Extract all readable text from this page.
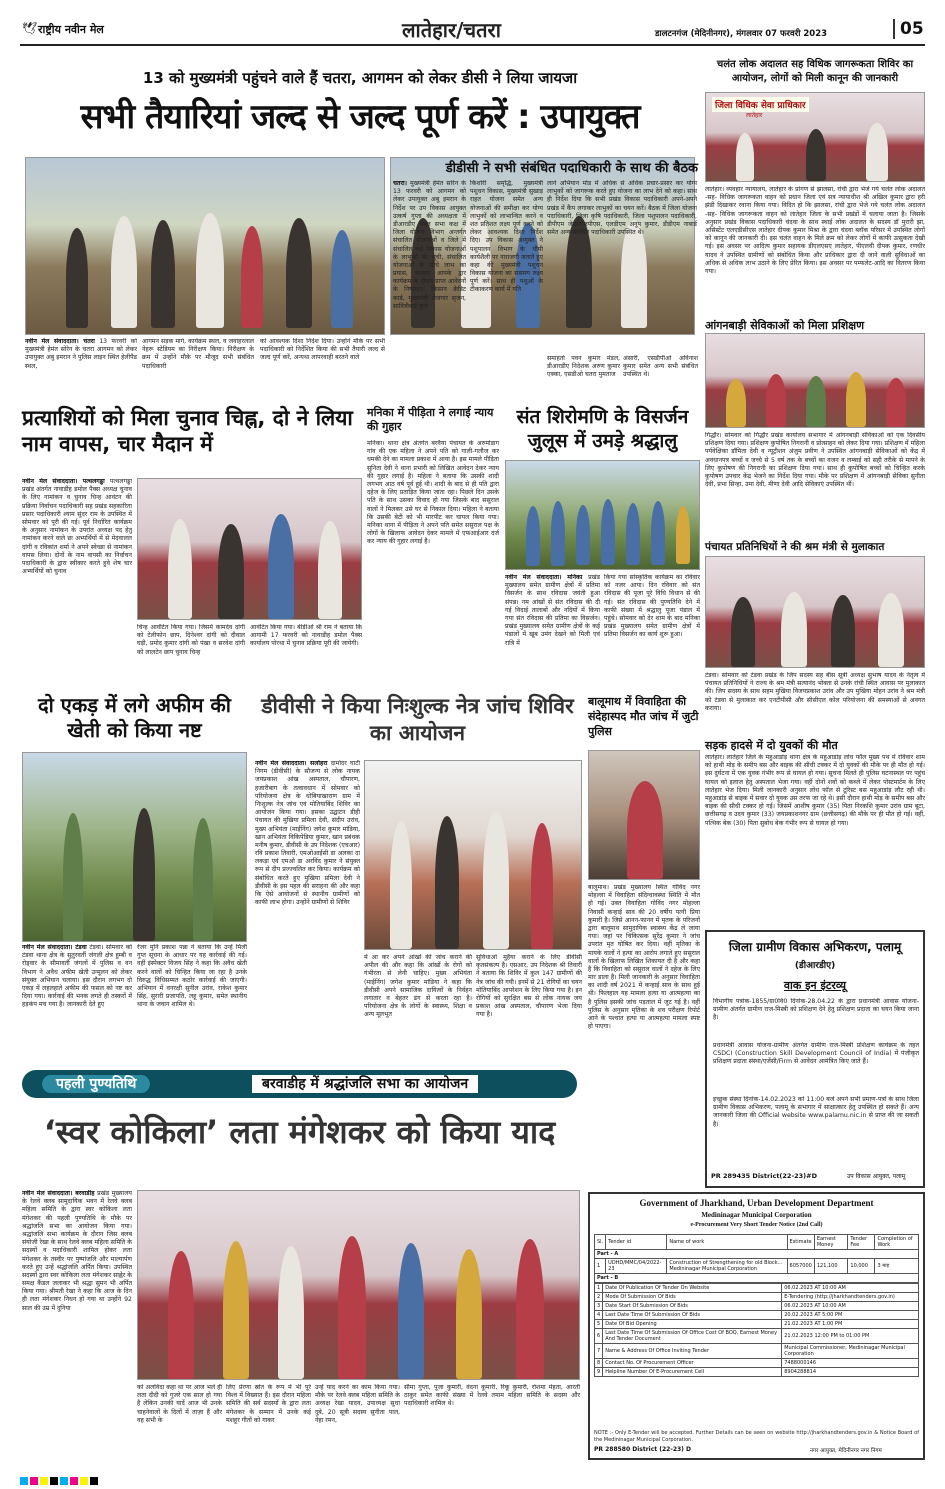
🕊 राष्ट्रीय नवीन मेल	लातेहार/चतरा	डालटनगंज (मेदिनीनगर), मंगलवार 07 फरवरी 2023	05
13 को मुख्यमंत्री पहुंचने वाले हैं चतरा, आगमन को लेकर डीसी ने लिया जायजा
सभी तैयारियां जल्द से जल्द पूर्ण करें : उपायुक्त
नवीन मेल संवाददाता। चतरा 13 फरवरी को मुख्यमंत्री हेमंत सोरेन के चतरा आगमन को लेकर उपायुक्त अबु इमरान ने पुलिस लाइन स्थित हेलीपैड स्थल,
आगमन सड़क मार्ग, कार्यक्रम स्थल, व जवाहरलाल नेहरू स्टेडियम का निरीक्षण किया। निरीक्षण के क्रम में उन्होंने मौके पर मौजूद सभी संबंधित पदाधिकारी
को आवश्यक दिशा निर्देश दिया। उन्होंने मौके पर सभी पदाधिकारी को निर्देशित किया की सभी तैयारी जल्द से जल्द पूर्ण करें, अन्यथा लापरवाही बरतने वाले
डीडीसी ने सभी संबंधित पदाधिकारी के साथ की बैठक
चतरा। मुख्यमंत्री हेमंत सोरेन के 13 फरवरी को आगमन को लेकर उपायुक्त अबु इमरान के निर्देश पर उप विकास आयुक्त उत्कर्ष गुप्ता की अध्यक्षता में डीआरडीए स्थित सभा कक्ष में जिला योजना विभाग अन्तर्गत संचालित योजनाओं व जिले में संचालित कई विकास योजनाओं के लाभुकों की सूची, संचालित योजनाओं के सीधे लाभ का प्रयास, सरकार आपके द्वार कार्यक्रम के दौरान प्राप्त आवेदनों के निष्पादन, किसान क्रेडिट कार्ड, मुख्यमंत्री रोजगार सृजन, सावित्रीबाई फुले
किशोरी समृद्धि, मुख्यमंत्री पशुधन विकास, मुख्यमंत्री सुखाड़ राहत योजना समेत अन्य योजनाओं की समीक्षा कर योग्य लाभुकों को लाभान्वित करने व शत प्रतिशत लक्ष्य पूर्ण करने को लेकर आवश्यक दिशा निर्देश दिए। उप विकास आयुक्त ने पशुपालन विभाग के धीमी कार्यशैली पर नाराजगी जताते हुए कहा की मुख्यमंत्री पशुधन विकास योजना का ससमय लक्ष्य पूर्ण करें। साथ ही पशुओं के टीकाकरण कार्य में गति
लाने अभियान मोड में अधिक से अधिक प्रचार-प्रसार कर योग्य लाभुकों को जागरूक करते हुए योजना का लाभ देने को कहा। साथ ही निर्देश दिया कि सभी प्रखंड विकास पदाधिकारी अपने-अपने प्रखंड में कैंप लगाकर लाभुकों का चयन करें। बैठक में जिला योजना पदाधिकारी, जिला कृषि पदाधिकारी, जिला पशुपालन पदाधिकारी, डीपीएम जेएसएलपीएस, एलडीएम अनूप कुमार, डीडीएम नाबार्ड समेत अन्य संबंधित पदाधिकारी उपस्थित थे।
अंसारी, एसडीपीओ अविनाश कुमार समेत अन्य सभी संबंधित उपस्थित थे।
समाहर्ता पवन कुमार मंडल, डीआरडीए निदेशक अरुण कुमार एक्का, एसडीओ चतरा मुमताज
प्रत्याशियों को मिला चुनाव चिह्न, दो ने लिया नाम वापस, चार मैदान में
नवीन मेल संवाददाता। पत्थलगड्डा पत्थलगड्डा प्रखंड अंतर्गत नावाडीह डमोल पैक्स अध्यक्ष चुनाव के लिए नामांकन व चुनाव चिन्ह आवंटन की प्रक्रिया निर्वाचन पदाधिकारी सह प्रखंड सहकारिता प्रसार पदाधिकारी श्याम सुंदर राम के उपस्थित में सोमवार को पूरी की गई। पूर्व निर्धारित कार्यक्रम के अनुसार नामांकन के उपरांत अध्यक्ष पद हेतु नामांकन करने वाले छः अभ्यर्थियों में से मेदवालल दांगी व रविकांत शर्मा ने अपने स्वेच्छा से नामांकन वापस लिया। दोनों के नाम वापसी का निर्वाचन पदाधिकारी के द्वारा स्वीकार करते हुवे शेष चार अभ्यर्थियों को चुनाव
चिन्ह आवंटित किया गया। जिसमें कामदेव दांगी को टेलीफोन छाप, दिनेश्वर दांगी को दीवाल घड़ी, प्रमोद कुमार दांगी को पंखा व सरवेश दांगी को लालटेन छाप चुनाव चिन्ह
आवंटित किया गया। बीडीओ श्री राम ने बताया कि आगामी 17 फरवरी को नावाडीह डमोल पैक्स कार्यालय पोरथा में चुनाव प्रक्रिया पूरी की जायेगी।
मनिका में पीड़िता ने लगाई न्याय की गुहार
मनिका। थाना क्षेत्र अंतर्गत बरवैया पंचायत के अरुमोडाग गांव की एक महिला ने अपने पति को गाली-गलौज कर धमकी देने का मामला प्रकाश में आया है। इस मामले पीड़िता सुनिता देवी ने थाना प्रभारी को लिखित आवेदन देकर न्याय की गुहार लगाई है। महिला ने बताया कि उसकी शादी लगभग आठ वर्ष पूर्व हुई थी। शादी के बाद से ही पति द्वारा दहेज के लिए प्रताड़ित किया जाता रहा। पिछले दिन उसके पति के साथ उसका विवाद हो गया जिसके बाद ससुराल वालों ने मिलकर उसे घर से निकाल दिया। महिला ने बताया कि उसकी बेटी को भी मारपीट कर घायल किया गया। मनिका थाना में पीड़िता ने अपने पति समेत ससुराल पक्ष के लोगों के खिलाफ आवेदन देकर मामले में एफआईआर दर्ज कर न्याय की गुहार लगाई है।
संत शिरोमणि के विसर्जन जुलूस में उमड़े श्रद्धालु
नवीन मेल संवाददाता। मनिका प्रखंड मुख्यालय समेत ग्रामीण क्षेत्रों में प्रतिमा विसर्जन के साथ रविदास जयंती हुआ संपन्न। नम आंखों से संत रविदास की दी गई विदाई तालाबों और नदियों में किया गया संत रविदास की प्रतिमा का विसर्जन। प्रखंड मुख्यालय समेत ग्रामीण क्षेत्रों के कई पंडालों में खूब उमंग देखने को मिली एवं रात्रि में
किया गया सांस्कृतिक कार्यक्रम का रविवार को नजर आया। दिन रविवार को संत रविदास की पूजा पूरे विधि विधान से की गई। संत रविदास की पुण्यतिथि देने में काफी संख्या में श्रद्धालु पूजा पंडाल में पहुंचे। सोमवार को देर शाम के बाद मनिका प्रखंड मुख्यालय समेत ग्रामीण क्षेत्रों में प्रतिमा विसर्जन का कार्य शुरू हुआ।
दो एकड़ में लगे अफीम की खेती को किया नष्ट
नवीन मेल संवाददाता। टंडवा टंडवा। सोमवार को टंडवा थाना क्षेत्र के सुतुरवर्ती जंगली क्षेत्र हुम्बी व रोड्वार के सीमावर्ती जंगलों में पुलिस व वन विभाग ने अवैध अफीम खेती उन्मूलन को लेकर संयुक्त अभियान चलाया। इस दौरान लगभग दो एकड़ में लहलहाते अफीम की फसल को नष्ट कर दिया गया। कार्रवाई की भनक लगते ही तस्करों में हड़कंप मच गया है। जानकारी देते हुए
रेंजर मुनि प्रकाश पन्ना ने बताया कि उन्हें मिली गुप्त सूचना के आधार पर यह कार्रवाई की गई। वहीं इंस्पेक्टर विजय सिंह ने कहा कि अवैध खेती करने वालों को चिन्हित किया जा रहा है उनके विरुद्ध विधिसम्मत कठोर कार्रवाई की जाएगी। अभियान में वनरक्षी सुनील उरांव, राकेश कुमार सिंह, सुरारी प्रजापति, लहू कुमार, समेत स्थानीय थाना के जवान शामिल थे।
डीवीसी ने किया निःशुल्क नेत्र जांच शिविर का आयोजन
नवीन मेल संवाददाता। सलोहरा दामोदर घाटी निगम (डीवीसी) के सौजन्य से लोक नायक जयप्रकाश आंख अस्पताल, चौपारण, हजारीबाग के तत्वावधान में सोमवार को परियोजना क्षेत्र के धोबियाखाराण ग्राम में निःशुल्क नेत्र जांच एवं मोतियाबिंद शिविर का आयोजन किया गया। इसका उद्घाटन डीही पंचायत की मुखिया प्रमिला देवी, संदीप उरांव, मुख्य अभियंता (माईनिंग) जगेश कुमार मांडिया, खान अभियंता विकिपेडिया कुमार, खान प्रबंधक मनीष कुमार, डीवीसी के उप निदेशक (एचआर) रवि प्रकाश तिवारी, एमओआईसी डा अलका दा लकड़ा एवं एमओ डा अरविंद कुमार ने संयुक्त रूप से दीप प्रज्ज्वलित कर किया। कार्यक्रम को संबोधित करते हुए मुखिया प्रमिला देवी ने डीवीसी के इस पहल की सराहना की और कहा कि ऐसे आयोजनों से स्थानीय ग्रामीणों को काफी लाभ होगा। उन्होंने ग्रामीणों से शिविर
में आ कर अपने आंखों की जांच कराने की अपील की और कहा कि आंखों के रोगों को गंभीरता से लेनी चाहिए। मुख्य अभियंता (माईनिंग) जगेश कुमार मांडिया ने कहा कि डीवीसी अपने सामाजिक दायित्वों के निर्वहन लगातार व बेहतर ढंग से करता रहा है। परियोजना क्षेत्र के लोगों के स्वास्थ्य, शिक्षा व अन्य मूलभूत
सुविधाओं मुहैया कराने के लिए डीवीसी कृतसंकल्प है। एसआर, उप निदेशक श्री तिवारी ने बताया कि शिविर में कुल 147 ग्रामीणों की नेत्र जांच की गयी। इनमें से 21 रोगियों का चयन मोतियाबिंद आपरेशन के लिए किया गया है। इन रोगियों को सुरक्षित बस से लोक नायक जय प्रकाश आंख अस्पताल, चौपारण भेजा दिया गया है।
बालूमाथ में विवाहिता की संदेहास्पद मौत जांच में जुटी पुलिस
बालूमाथ। प्रखंड मुख्यालय स्थित गोविंद नगर मोहल्ला में विवाहिता संदिग्धावस्था स्थिति में मौत हो गई। उक्त विवाहिता गोविंद नगर मोहल्ला निवासी कन्हाई साव की 20 वर्षीय पत्नी प्रिया कुमारी है। जिसे आनन-फानन में मृतक के परिजनों द्वारा बालूमाथ सामुदायिक स्वास्थ्य केंद्र ले जाया गया। जहां पर चिकित्सक सुरेंद्र कुमार ने जांच उपरांत मृत घोषित कर दिया। वहीं मृतिका के मायके वालों ने हत्या का आरोप लगाते हुए ससुराल वालों के खिलाफ लिखित शिकायत दी है और कहा है कि विवाहिता को ससुराल वालों ने दहेज के लिए मार डाला है। मिली जानकारी के अनुसार विवाहिता का शादी वर्ष 2021 में कन्हाई साव के साथ हुई थी। फिलहाल यह मामला हत्या या आत्महत्या का है पुलिस इसकी जांच पड़ताल में जुट गई है। वहीं पुलिस के अनुसार मृतिका के शव परीक्षण रिपोर्ट आने के पश्चात हत्या या आत्महत्या मामला स्पष्ट हो पाएगा।
पहली पुण्यतिथि	बरवाडीह में श्रद्धांजलि सभा का आयोजन
‘स्वर कोकिला’ लता मंगेशकर को किया याद
नवीन मेल संवाददाता। बरवाडीह प्रखंड मुख्यालय के रेलवे क्लब सामुदायिक भवन में रेलवे क्लब महिला समिति के द्वारा स्वर कोकिला लता मंगेशकर की पहली पुण्यतिथि के मौके पर श्रद्धांजलि सभा का आयोजन किया गया। श्रद्धांजलि सभा कार्यक्रम के दौरान जिस क्लब संयोजी रेखा के साथ रेलवे क्लब महिला समिति के सदस्यों व पदाधिकारी शामिल होकर लता मंगेशकर के तस्वीर पर पुष्पांजलि और माल्यार्पण करते हुए उन्हें श्रद्धांजलि अर्पित किया। उपस्थित सदस्यों द्वारा स्वर कोकिला लता मंगेशकर साह्वेर के समक्ष कैंडल जलाकर भी श्रद्धा सुमन भी अर्पित किया गया। श्रीमती रेखा ने कहा कि आज के दिन ही लता मंगेशकर निधन हो गया था उन्होंने 92 साल की उम्र में दुनिया
को अलविदा कहा था पर आज भले ही लता दीदी को गुजरे एक साल हो गया है लेकिन उनकी यादें आज भी उनके चाहनेवालों के दिलों में ताज़ा हैं और वह सभी के
लिए प्रेरणा स्रोत के रूप में भी पूरे विश्व में विख्यात हैं। इस दौरान महिला समिति की सर्व सदस्यों के द्वारा लता मंगेशकर के सम्मान में उनके कई मशहूर गीतों को गाकर
उन्हें याद करने का काम किया गया। मौके पर रेलवे क्लब महिला समिति के अध्यक्ष रेखा यादव, उपाध्यक्ष सुधा दुबे, 20 सूत्री सदस्य सुनीता पाल, नेहा रमन,
सीमा गुप्ता, पूजा कुमारी, वंदना कुमारी, रिंकू कुमारी, रोशमा मेहता, आरती ठाकुर समेत काफी संख्या में रेलवे तमाम महिला समिति के सदस्य और पदाधिकारी शामिल थे।
चलंत लोक अदालत सह विधिक जागरूकता शिविर का आयोजन, लोगों को मिली कानून की जानकारी
जिला विधिक सेवा प्राधिकार
लातेहार
लातेहार। व्यवहार न्यायालय, लातेहार के प्रांगण से झालसा, रांची द्वारा भेजे गये चलंत लोक अदालत -सह- विधिक जागरूकता वाहन को प्रधान जिला एवं सत्र न्यायाधीश श्री अखिल कुमार द्वारा हरी झंडी दिखाकर रवाना किया गया। विदित हो कि झालसा, रांची द्वारा भेजे गये चलंत लोक अदालत -सह- विधिक जागरूकता वाहन को लातेहार जिला के सभी प्रखंडों में चलाया जाता है। जिसके अनुसार प्रखंड विकास पदाधिकारी चंदवा के साथ स्थाई लोक अदालत के सदस्य डॉ मुरारी झा, असिस्टेंट एलएडीसीएस लातेहार दीपक कुमार मिश्रा के द्वारा चंदवा ब्लॉक परिसर में उपस्थित लोगों को कानून की जानकारी दी। इस चलंत वाहन के मिले क्रम को लेकर लोगों में काफी उत्सुकता देखी गई। इस अवसर पर आदित्य कुमार सहायक डीएलएसए लातेहार, पीएलवी दीपक कुमार, रणधीर यादव ने उपस्थित ग्रामीणों को संबोधित किया और प्राधिकार द्वारा दी जाने वाली सुविधाओं का अधिक से अधिक लाभ उठाने के लिए प्रेरित किया। इस अवसर पर पम्फलेट-आदि का वितरण किया गया।
आंगनबाड़ी सेविकाओं को मिला प्रशिक्षण
गिद्धौर। सोमवार को गिद्धौर प्रखंड कार्यालय सभागार में आंगनबाड़ी सेविकाओं को एक दिवसीय प्रशिक्षण दिया गया। प्रशिक्षण कुपोषित निगरानी व प्रोत्साहन को लेकर दिया गया। प्रशिक्षण में महिला पर्यवेक्षिका डॉमिता देवी व न्यूट्रीशन अंजुम प्रवीण ने उपस्थित आंगनबाड़ी सेविकाओं को केंद्र में अवधानपत्र बच्चों व जच्चे से 5 वर्ष तक के बच्चों का वजन व लम्बाई को सही तरीके से मापने के लिए कुपोषण की निगरानी का प्रशिक्षण दिया गया। साथ ही कुपोषित बच्चों को चिन्हित करके कुपोषण उपचार केंद्र भेजने का निर्देश दिया गया। मौके पर प्रशिक्षण में आंगनबाड़ी सेविका सुनीता देवी, प्रभा सिन्हा, उमा देवी, मीणा देवी आदि सेविकाएं उपस्थित थीं।
पंचायत प्रतिनिधियों ने की श्रम मंत्री से मुलाकात
टंडवा। सोमवार को टंडवा प्रखंड के जिप सदस्य सह बीस सूत्री अध्यक्ष सुभाष यादव के नेतृत्व में पंचायत प्रतिनिधियों ने राज्य के श्रम मंत्री सत्यानंद भोक्ता से उनके रांची स्थित आवास पर मुलाकात की। जिप सदस्य के साथ सहम मुखिया विजयप्रकाश उरांव और उप मुखिया मोहन उरांव ने श्रम मंत्री को टंडवा से मुलाकात कर एनटीपीसी और सीसीएल कोल परियोजना की समस्याओं से अवगत कराया।
सड़क हादसे में दो युवकों की मौत
लातेहार। लातेहार जिले के महुआडांड़ थाना क्षेत्र के महुआडांड़ लोध फॉल मुख्य पथ में रविवार शाम को हाथी मोड़ के समीप बस और बाइक की सीधी टक्कर में दो युवकों की मौके पर ही मौत हो गई। इस दुर्घटना में एक युवक गंभीर रूप से घायल हो गया। सूचना मिलते ही पुलिस घटनास्थल पर पहुंच घायल को इलाज हेतु अस्पताल भेजा गया। वहीं दोनों शवों को कब्जे में लेकर पोस्टमार्टम के लिए लातेहार भेज दिया। मिली जानकारी अनुसार लोध फॉल से टूरिस्ट बस महुआडांड़ लौट रही थी। महुआडांड़ से बाइक में सवार दो युवक उस तरफ जा रहे थे। इसी दौरान हाथी मोड़ के समीप बस और बाइक की सीधी टक्कर हो गई। जिसमें आशीष कुमार (35) पिता निरकशि कुमार उरांव ग्राम बूटा, छत्तीसगढ़ व उदय कुमार (33) जयप्रकाशनगर ग्राम (छत्तीसगढ़) की मौके पर ही मौत हो गई। वहीं, पत्थिक बेक (30) पिता सुबोध बेक गंभीर रूप से घायल हो गया।
जिला ग्रामीण विकास अभिकरण, पलामू
(डीआरडीए)
वाक इन इंटरव्यू
विभागीय पत्रांक-1855/ग्रा0वि0 दिनांक-28.04.22 के द्वारा प्रधानमंत्री आवास योजना-ग्रामीण अंतर्गत ग्रामीण राज-मिस्त्री को प्रशिक्षण देने हेतु प्रशिक्षण प्रदाता का चयन किया जाना है।
प्रधानमंत्री आवास योजना-ग्रामीण अंतर्गत ग्रामीण राज-मिस्त्री प्रशिक्षण कार्यक्रम के तहत CSDCI (Construction Skill Development Council of India) में पंजीकृत प्रशिक्षण प्रदाता संस्था/एजेंसी/Firm से आवेदन आमंत्रित किए जाते हैं।
इच्छुक संस्था दिनांक-14.02.2023 को 11:00 बजे अपने सभी प्रमाण-पत्रों के साथ जिला ग्रामीण विकास अभिकरण, पलामू के सभागार में साक्षात्कार हेतु उपस्थित हो सकते हैं। अन्य जानकारी जिला की Official website www.palamu.nic.in से प्राप्त की जा सकती है।
PR 289435 District(22-23)#D	उप विकास आयुक्त, पलामू
Government of Jharkhand, Urban Development Department
Medininagar Municipal Corporation
e-Procurement Very Short Tender Notice (2nd Call)
Sl.	Tender id	Name of work	Estimate	Earnest Money	Tender Fee	Completion of Work
Part - A						
1	UDHD/MMC/04/2022-23	Construction of Strengthening for old Block... Medininagar Municipal Corporation	6057000	121,100	10,000	3 माह
Part - B						
1	Date Of Publication Of Tender On Website	06.02.2023 AT 10:00 AM
2	Mode Of Submission Of Bids	E-Tendering (http://jharkhandtenders.gov.in)
3	Date Start Of Submission Of Bids	06.02.2023 AT 10:00 AM
4	Last Date Time Of Submission Of Bids	20.02.2023 AT 5:00 PM
5	Date Of Bid Opening	21.02.2023 AT 1:00 PM
6	Last Date Time Of Submission Of Office Cost Of BOQ, Earnest Money And Tender Document	21.02.2023 12:00 PM to 01:00 PM
7	Name & Address Of Office Inviting Tender	Municipal Commissioner, Medininagar Municipal Corporation
8	Contact No. Of Procurement Officer	7488000146
9	Helpline Number Of E-Procurement Cell	8904288814
NOTE :- Only E-Tender will be accepted. Further Details can be seen on website http://jharkhandtenders.gov.in & Notice Board of the Medininagar Municipal Corporation.
PR 288580 District (22-23) D	नगर आयुक्त, मेदिनीनगर नगर निगम
